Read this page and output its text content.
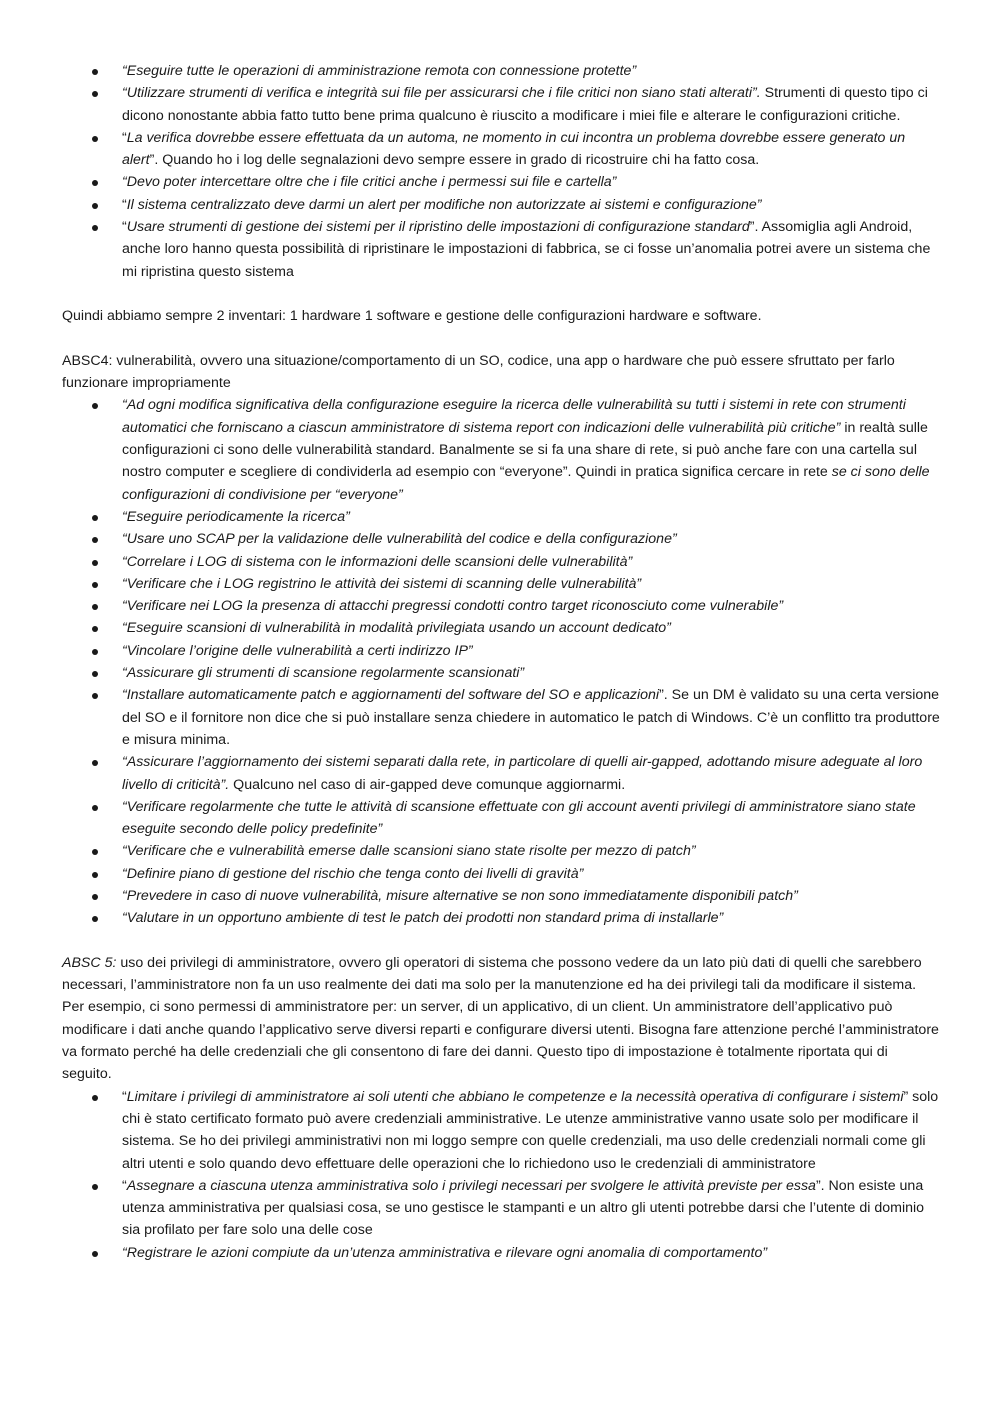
“Eseguire tutte le operazioni di amministrazione remota con connessione protette”
“Utilizzare strumenti di verifica e integrità sui file per assicurarsi che i file critici non siano stati alterati”. Strumenti di questo tipo ci dicono nonostante abbia fatto tutto bene prima qualcuno è riuscito a modificare i miei file e alterare le configurazioni critiche.
“La verifica dovrebbe essere effettuata da un automa, ne momento in cui incontra un problema dovrebbe essere generato un alert”. Quando ho i log delle segnalazioni devo sempre essere in grado di ricostruire chi ha fatto cosa.
“Devo poter intercettare oltre che i file critici anche i permessi sui file e cartella”
“Il sistema centralizzato deve darmi un alert per modifiche non autorizzate ai sistemi e configurazione”
“Usare strumenti di gestione dei sistemi per il ripristino delle impostazioni di configurazione standard”. Assomiglia agli Android, anche loro hanno questa possibilità di ripristinare le impostazioni di fabbrica, se ci fosse un’anomalia potrei avere un sistema che mi ripristina questo sistema

Quindi abbiamo sempre 2 inventari: 1 hardware 1 software e gestione delle configurazioni hardware e software.

ABSC4: vulnerabilità, ovvero una situazione/comportamento di un SO, codice, una app o hardware che può essere sfruttato per farlo funzionare impropriamente

“Ad ogni modifica significativa della configurazione eseguire la ricerca delle vulnerabilità su tutti i sistemi in rete con strumenti automatici che forniscano a ciascun amministratore di sistema report con indicazioni delle vulnerabilità più critiche” in realtà sulle configurazioni ci sono delle vulnerabilità standard. Banalmente se si fa una share di rete, si può anche fare con una cartella sul nostro computer e scegliere di condividerla ad esempio con “everyone”. Quindi in pratica significa cercare in rete se ci sono delle configurazioni di condivisione per “everyone”
“Eseguire periodicamente la ricerca”
“Usare uno SCAP per la validazione delle vulnerabilità del codice e della configurazione”
“Correlare i LOG di sistema con le informazioni delle scansioni delle vulnerabilità”
“Verificare che i LOG registrino le attività dei sistemi di scanning delle vulnerabilità”
“Verificare nei LOG la presenza di attacchi pregressi condotti contro target riconosciuto come vulnerabile”
“Eseguire scansioni di vulnerabilità in modalità privilegiata usando un account dedicato”
“Vincolare l’origine delle vulnerabilità a certi indirizzo IP”
“Assicurare gli strumenti di scansione regolarmente scansionati”
“Installare automaticamente patch e aggiornamenti del software del SO e applicazioni”. Se un DM è validato su una certa versione del SO e il fornitore non dice che si può installare senza chiedere in automatico le patch di Windows. C’è un conflitto tra produttore e misura minima.
“Assicurare l’aggiornamento dei sistemi separati dalla rete, in particolare di quelli air-gapped, adottando misure adeguate al loro livello di criticità”. Qualcuno nel caso di air-gapped deve comunque aggiornarmi.
“Verificare regolarmente che tutte le attività di scansione effettuate con gli account aventi privilegi di amministratore siano state eseguite secondo delle policy predefinite”
“Verificare che e vulnerabilità emerse dalle scansioni siano state risolte per mezzo di patch”
“Definire piano di gestione del rischio che tenga conto dei livelli di gravità”
“Prevedere in caso di nuove vulnerabilità, misure alternative se non sono immediatamente disponibili patch”
“Valutare in un opportuno ambiente di test le patch dei prodotti non standard prima di installarle”

ABSC 5: uso dei privilegi di amministratore, ovvero gli operatori di sistema che possono vedere da un lato più dati di quelli che sarebbero necessari, l’amministratore non fa un uso realmente dei dati ma solo per la manutenzione ed ha dei privilegi tali da modificare il sistema. Per esempio, ci sono permessi di amministratore per: un server, di un applicativo, di un client. Un amministratore dell’applicativo può modificare i dati anche quando l’applicativo serve diversi reparti e configurare diversi utenti. Bisogna fare attenzione perché l’amministratore va formato perché ha delle credenziali che gli consentono di fare dei danni. Questo tipo di impostazione è totalmente riportata qui di seguito.

“Limitare i privilegi di amministratore ai soli utenti che abbiano le competenze e la necessità operativa di configurare i sistemi” solo chi è stato certificato formato può avere credenziali amministrative. Le utenze amministrative vanno usate solo per modificare il sistema. Se ho dei privilegi amministrativi non mi loggo sempre con quelle credenziali, ma uso delle credenziali normali come gli altri utenti e solo quando devo effettuare delle operazioni che lo richiedono uso le credenziali di amministratore
“Assegnare a ciascuna utenza amministrativa solo i privilegi necessari per svolgere le attività previste per essa”. Non esiste una utenza amministrativa per qualsiasi cosa, se uno gestisce le stampanti e un altro gli utenti potrebbe darsi che l’utente di dominio sia profilato per fare solo una delle cose
“Registrare le azioni compiute da un’utenza amministrativa e rilevare ogni anomalia di comportamento”
